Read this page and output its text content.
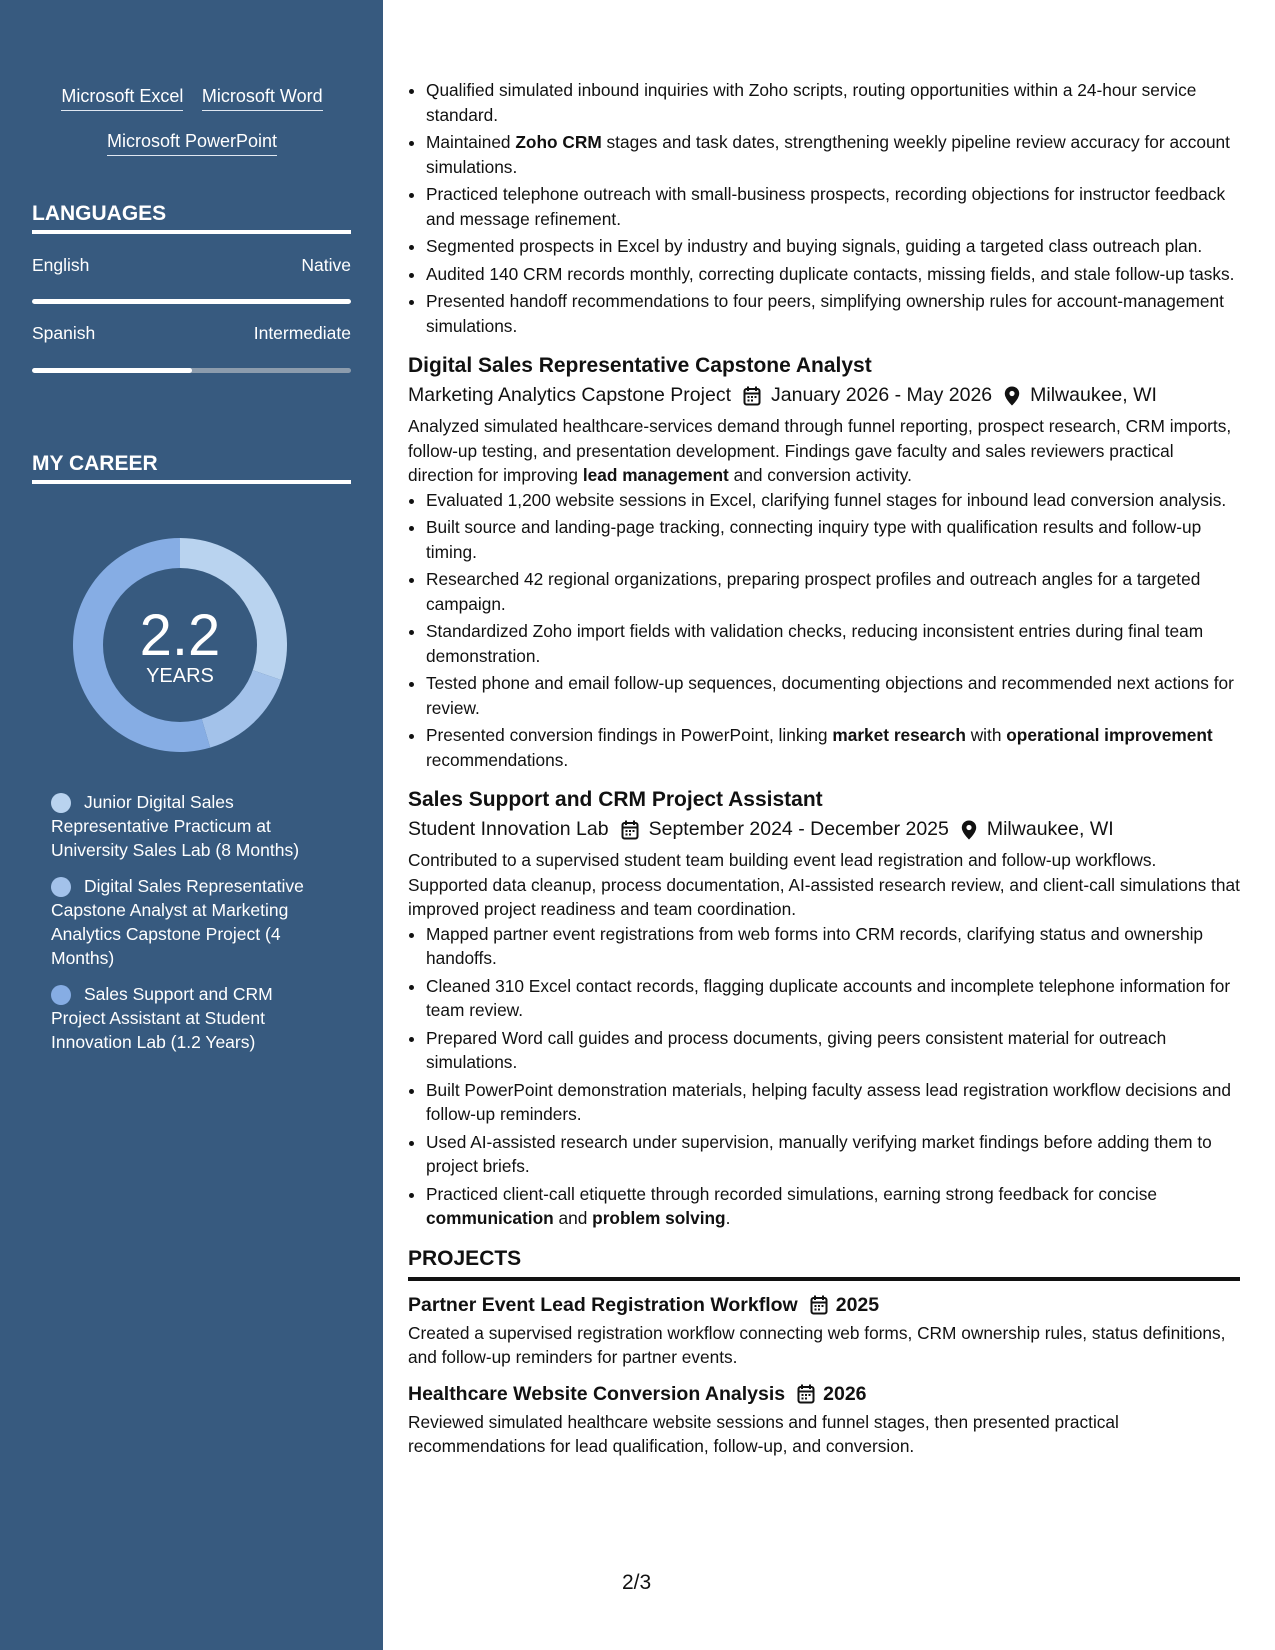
Microsoft Excel Microsoft Word
Microsoft PowerPoint
LANGUAGES
English	Native
Spanish	Intermediate
MY CAREER
2.2
YEARS
Junior Digital Sales Representative Practicum at University Sales Lab (8 Months)
Digital Sales Representative Capstone Analyst at Marketing Analytics Capstone Project (4 Months)
Sales Support and CRM Project Assistant at Student Innovation Lab (1.2 Years)
• Qualified simulated inbound inquiries with Zoho scripts, routing opportunities within a 24-hour service standard.
• Maintained Zoho CRM stages and task dates, strengthening weekly pipeline review accuracy for account simulations.
• Practiced telephone outreach with small-business prospects, recording objections for instructor feedback and message refinement.
• Segmented prospects in Excel by industry and buying signals, guiding a targeted class outreach plan.
• Audited 140 CRM records monthly, correcting duplicate contacts, missing fields, and stale follow-up tasks.
• Presented handoff recommendations to four peers, simplifying ownership rules for account-management simulations.
Digital Sales Representative Capstone Analyst
Marketing Analytics Capstone Project January 2026 - May 2026 Milwaukee, WI

Analyzed simulated healthcare-services demand through funnel reporting, prospect research, CRM imports, follow-up testing, and presentation development. Findings gave faculty and sales reviewers practical direction for improving lead management and conversion activity.

• Evaluated 1,200 website sessions in Excel, clarifying funnel stages for inbound lead conversion analysis.
• Built source and landing-page tracking, connecting inquiry type with qualification results and follow-up timing.
• Researched 42 regional organizations, preparing prospect profiles and outreach angles for a targeted campaign.
• Standardized Zoho import fields with validation checks, reducing inconsistent entries during final team demonstration.
• Tested phone and email follow-up sequences, documenting objections and recommended next actions for review.
• Presented conversion findings in PowerPoint, linking market research with operational improvement recommendations.
Sales Support and CRM Project Assistant
Student Innovation Lab September 2024 - December 2025 Milwaukee, WI

Contributed to a supervised student team building event lead registration and follow-up workflows. Supported data cleanup, process documentation, AI-assisted research review, and client-call simulations that improved project readiness and team coordination.

• Mapped partner event registrations from web forms into CRM records, clarifying status and ownership handoffs.
• Cleaned 310 Excel contact records, flagging duplicate accounts and incomplete telephone information for team review.
• Prepared Word call guides and process documents, giving peers consistent material for outreach simulations.
• Built PowerPoint demonstration materials, helping faculty assess lead registration workflow decisions and follow-up reminders.
• Used AI-assisted research under supervision, manually verifying market findings before adding them to project briefs.
• Practiced client-call etiquette through recorded simulations, earning strong feedback for concise communication and problem solving.
PROJECTS
Partner Event Lead Registration Workflow 2025

Created a supervised registration workflow connecting web forms, CRM ownership rules, status definitions, and follow-up reminders for partner events.

Healthcare Website Conversion Analysis 2026

Reviewed simulated healthcare website sessions and funnel stages, then presented practical recommendations for lead qualification, follow-up, and conversion.

2/3
